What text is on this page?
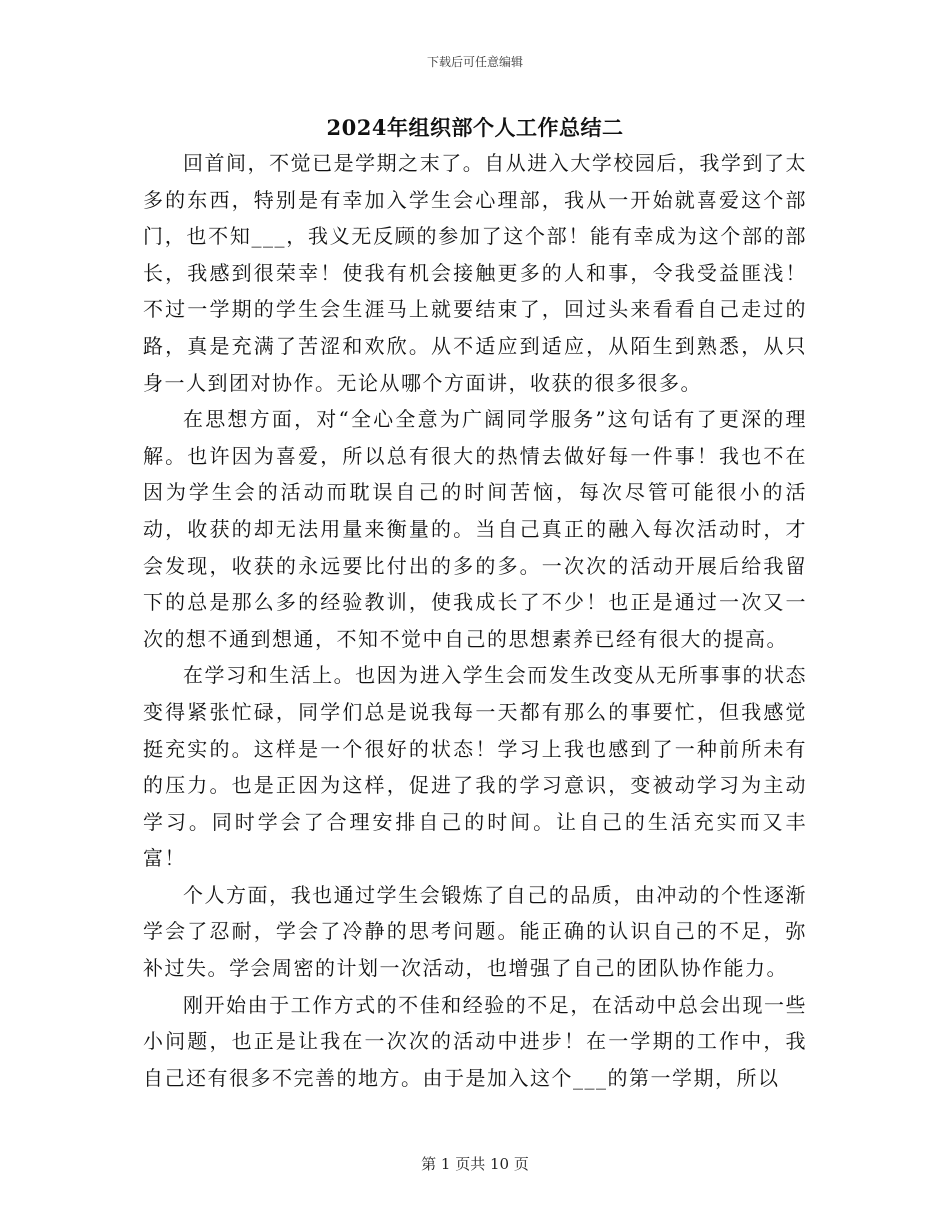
下载后可任意编辑
2024年组织部个人工作总结二

回首间，不觉已是学期之末了。自从进入大学校园后，我学到了太多的东西，特别是有幸加入学生会心理部，我从一开始就喜爱这个部门，也不知___，我义无反顾的参加了这个部！能有幸成为这个部的部长，我感到很荣幸！使我有机会接触更多的人和事，令我受益匪浅！不过一学期的学生会生涯马上就要结束了，回过头来看看自己走过的路，真是充满了苦涩和欢欣。从不适应到适应，从陌生到熟悉，从只身一人到团对协作。无论从哪个方面讲，收获的很多很多。

在思想方面，对“全心全意为广阔同学服务”这句话有了更深的理解。也许因为喜爱，所以总有很大的热情去做好每一件事！我也不在因为学生会的活动而耽误自己的时间苦恼，每次尽管可能很小的活动，收获的却无法用量来衡量的。当自己真正的融入每次活动时，才会发现，收获的永远要比付出的多的多。一次次的活动开展后给我留下的总是那么多的经验教训，使我成长了不少！也正是通过一次又一次的想不通到想通，不知不觉中自己的思想素养已经有很大的提高。

在学习和生活上。也因为进入学生会而发生改变从无所事事的状态变得紧张忙碌，同学们总是说我每一天都有那么的事要忙，但我感觉挺充实的。这样是一个很好的状态！学习上我也感到了一种前所未有的压力。也是正因为这样，促进了我的学习意识，变被动学习为主动学习。同时学会了合理安排自己的时间。让自己的生活充实而又丰富！

个人方面，我也通过学生会锻炼了自己的品质，由冲动的个性逐渐学会了忍耐，学会了冷静的思考问题。能正确的认识自己的不足，弥补过失。学会周密的计划一次活动，也增强了自己的团队协作能力。

刚开始由于工作方式的不佳和经验的不足，在活动中总会出现一些小问题，也正是让我在一次次的活动中进步！在一学期的工作中，我自己还有很多不完善的地方。由于是加入这个___的第一学期，所以

第 1 页共 10 页
